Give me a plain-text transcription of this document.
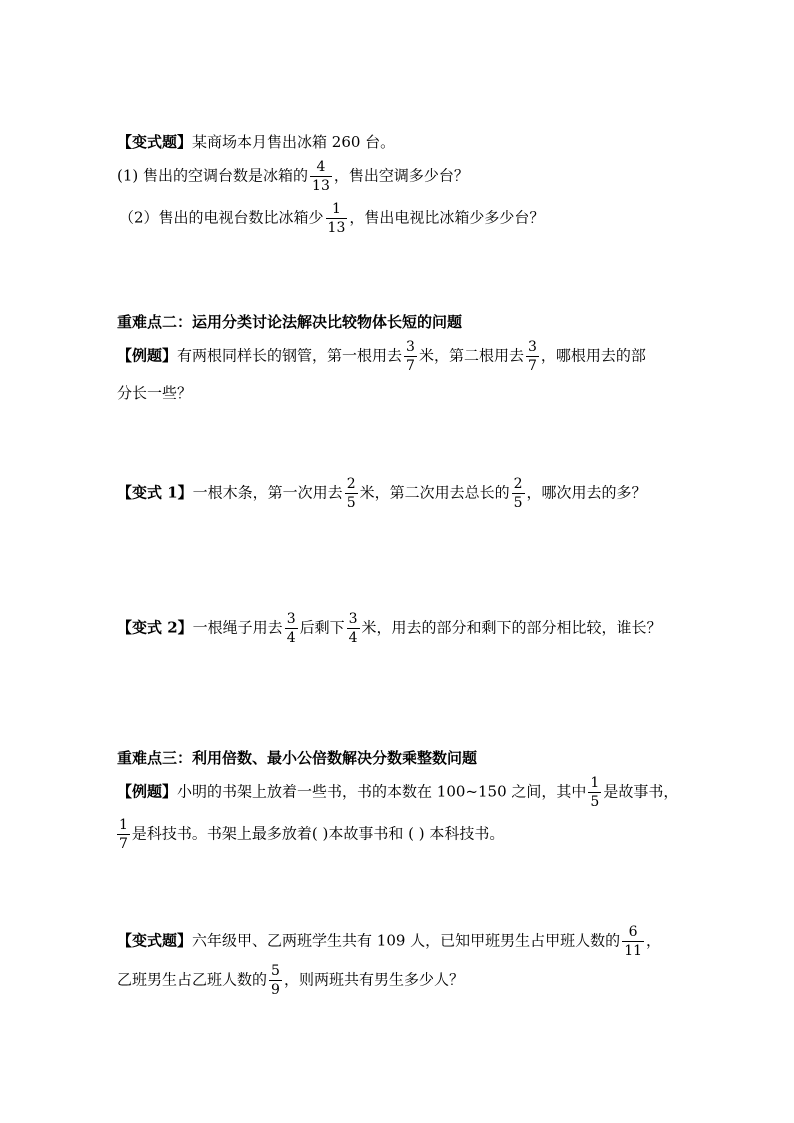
【变式题】某商场本月售出冰箱 260 台。
(1) 售出的空调台数是冰箱的 $\frac{4}{13}$ ，售出空调多少台？
（2）售出的电视台数比冰箱少 $\frac{1}{13}$ ，售出电视比冰箱少多少台？
重难点二：运用分类讨论法解决比较物体长短的问题
【例题】有两根同样长的钢管，第一根用去 $\frac{3}{7}$ 米，第二根用去 $\frac{3}{7}$ ，哪根用去的部
分长一些？
【变式 1】一根木条，第一次用去 $\frac{2}{5}$ 米，第二次用去总长的 $\frac{2}{5}$ ，哪次用去的多？
【变式 2】一根绳子用去 $\frac{3}{4}$ 后剩下 $\frac{3}{4}$ 米，用去的部分和剩下的部分相比较，谁长？
重难点三：利用倍数、最小公倍数解决分数乘整数问题
【例题】小明的书架上放着一些书，书的本数在 100~150 之间，其中 $\frac{1}{5}$ 是故事书，
$\frac{1}{7}$ 是科技书。书架上最多放着( )本故事书和 ( ) 本科技书。
【变式题】六年级甲、乙两班学生共有 109 人，已知甲班男生占甲班人数的 $\frac{6}{11}$ ，
乙班男生占乙班人数的 $\frac{5}{9}$ ，则两班共有男生多少人？
